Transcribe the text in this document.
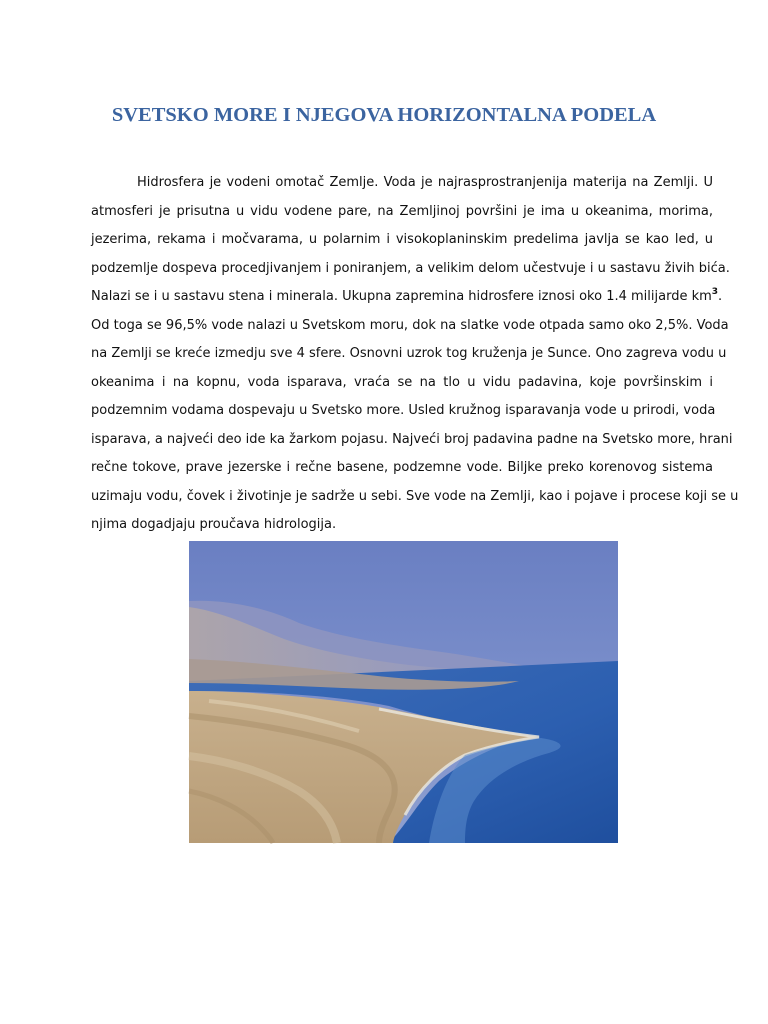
SVETSKO MORE I NJEGOVA HORIZONTALNA PODELA
Hidrosfera je vodeni omotač Zemlje. Voda je najrasprostranjenija materija na Zemlji. U
atmosferi je prisutna u vidu vodene pare, na Zemljinoj površini je ima u okeanima, morima,
jezerima, rekama i močvarama, u polarnim i visokoplaninskim predelima javlja se kao led, u
podzemlje dospeva procedjivanjem i poniranjem, a velikim delom učestvuje i u sastavu živih bića.
Nalazi se i u sastavu stena i minerala. Ukupna zapremina hidrosfere iznosi oko 1.4 milijarde $km^3$.
Od toga se 96,5% vode nalazi u Svetskom moru, dok na slatke vode otpada samo oko 2,5%. Voda
na Zemlji se kreće izmedju sve 4 sfere. Osnovni uzrok tog kruženja je Sunce. Ono zagreva vodu u
okeanima i na kopnu, voda isparava, vraća se na tlo u vidu padavina, koje površinskim i
podzemnim vodama dospevaju u Svetsko more. Usled kružnog isparavanja vode u prirodi, voda
isparava, a najveći deo ide ka žarkom pojasu. Najveći broj padavina padne na Svetsko more, hrani
rečne tokove, prave jezerske i rečne basene, podzemne vode. Biljke preko korenovog sistema
uzimaju vodu, čovek i životinje je sadrže u sebi. Sve vode na Zemlji, kao i pojave i procese koji se u
njima dogadjaju proučava hidrologija.
